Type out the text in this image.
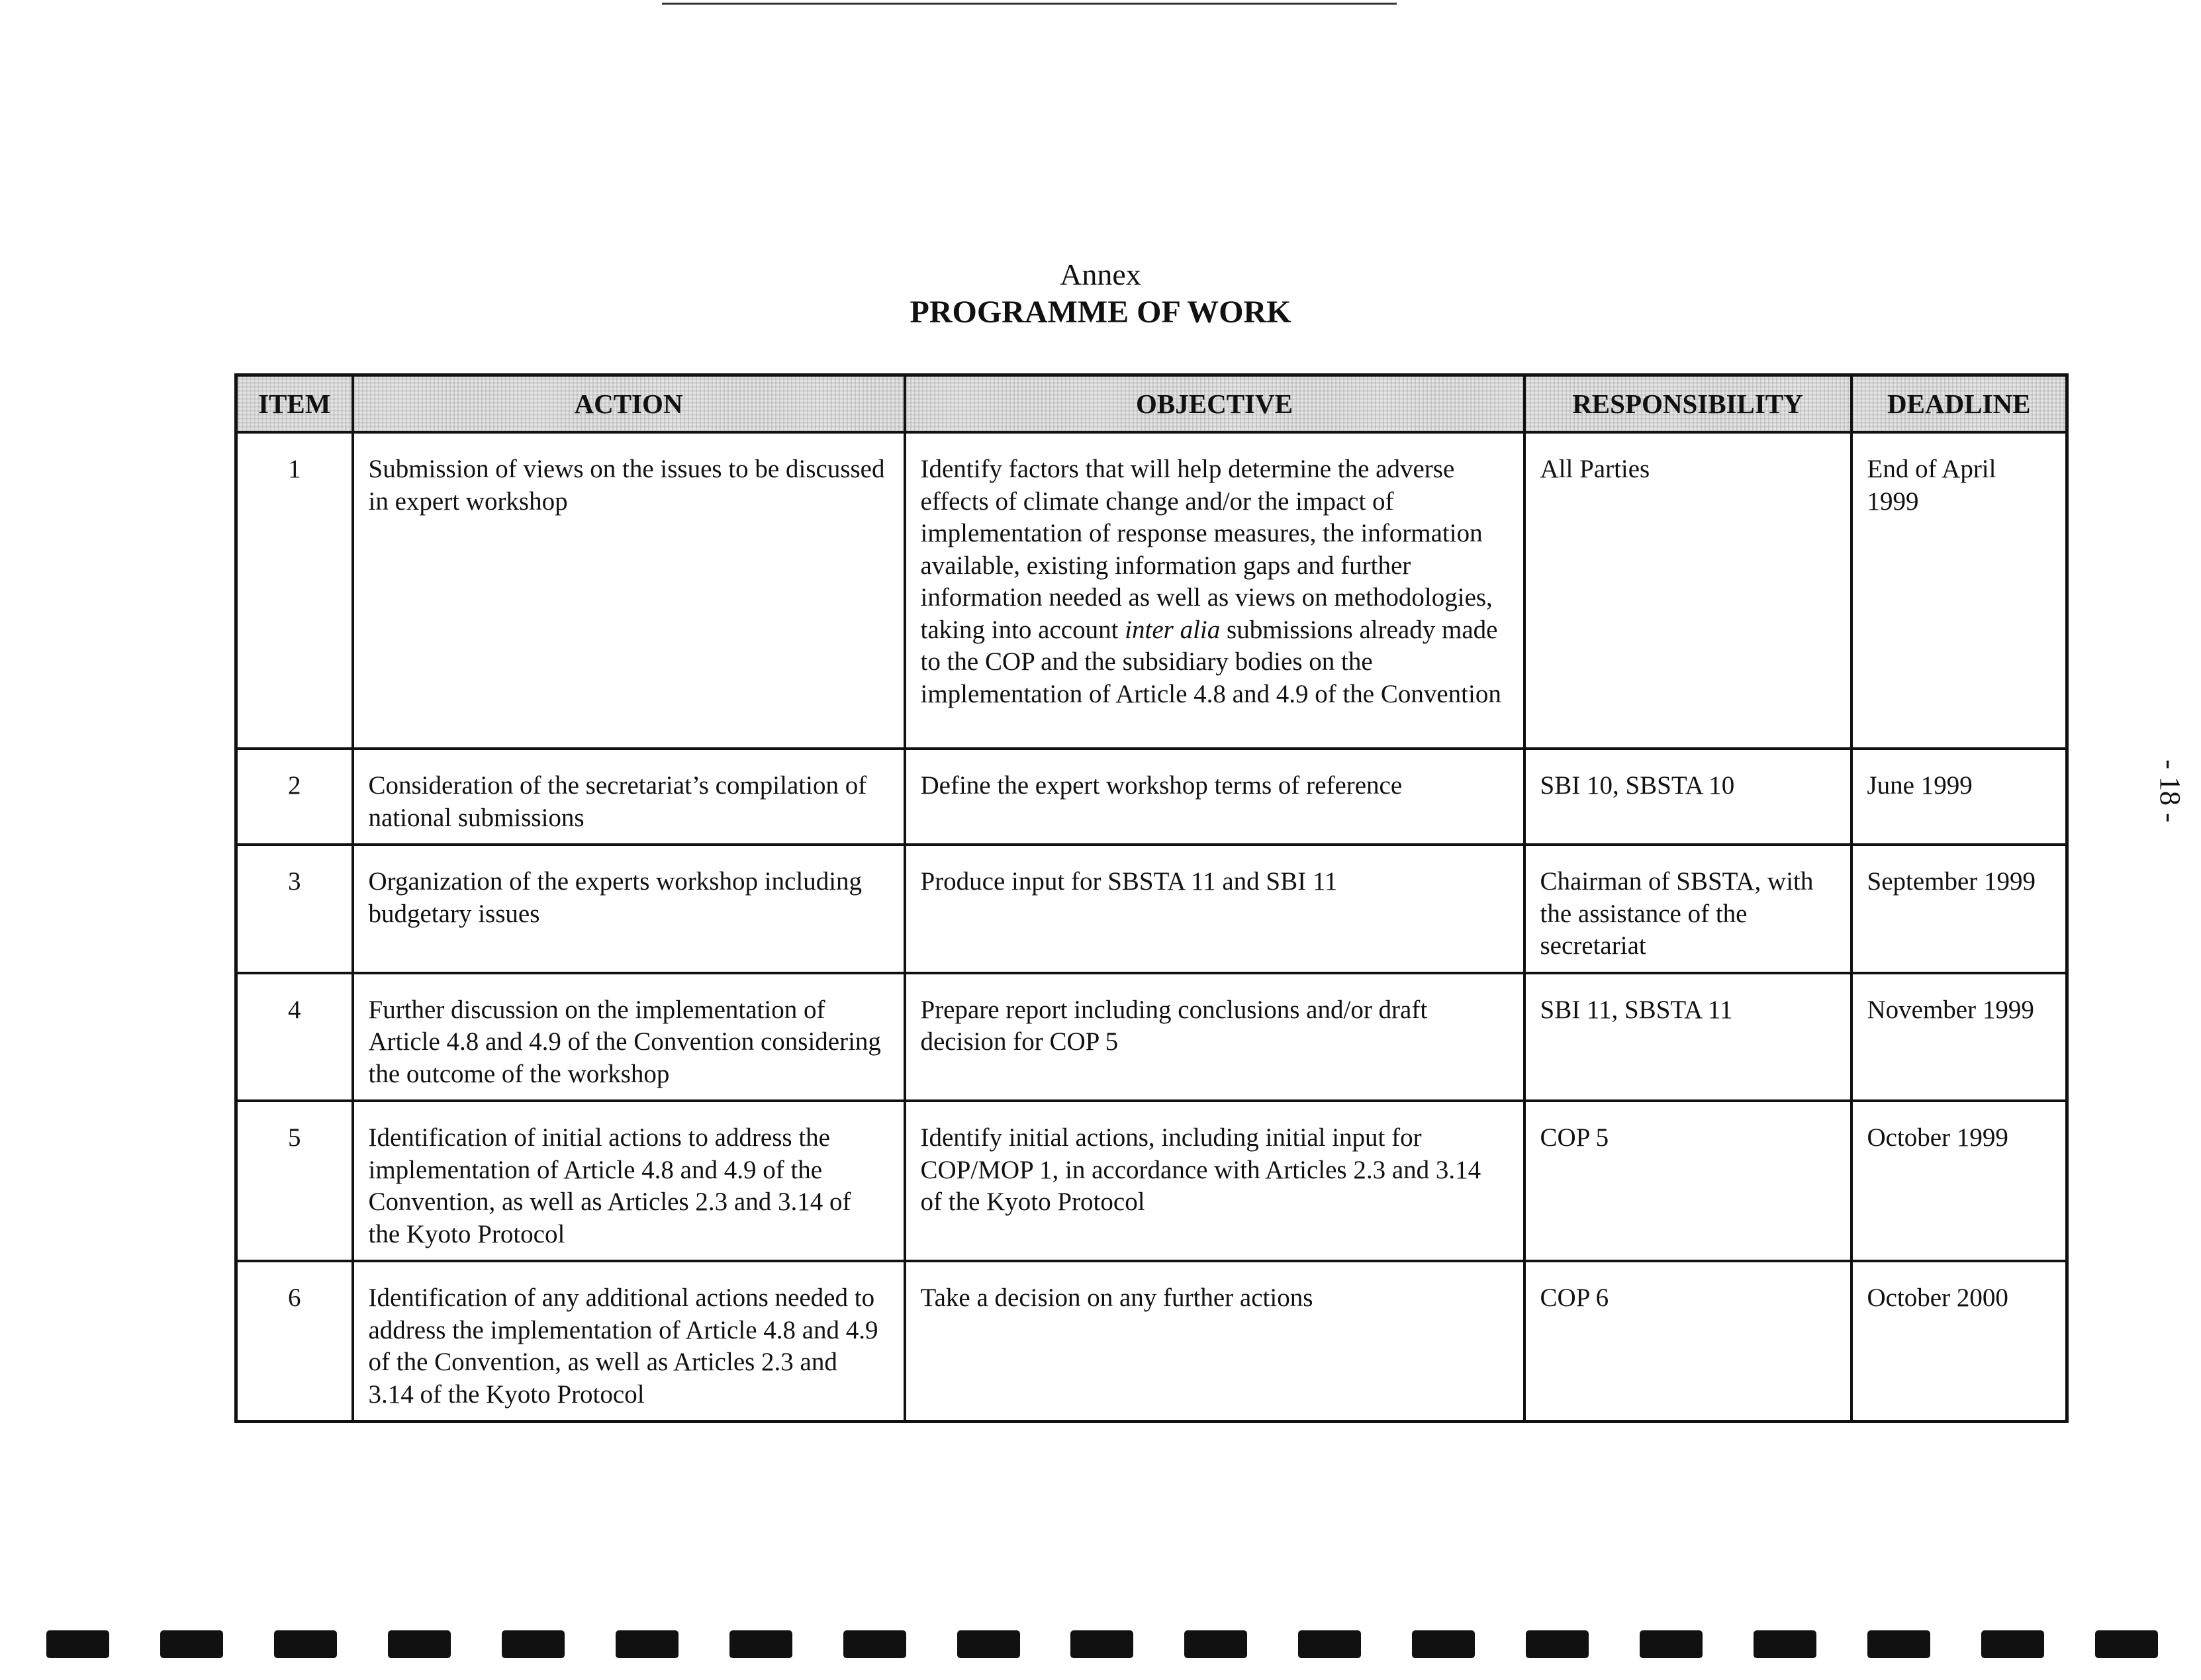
Annex
PROGRAMME OF WORK
ITEM	ACTION	OBJECTIVE	RESPONSIBILITY	DEADLINE
1	Submission of views on the issues to be discussed in expert workshop	Identify factors that will help determine the adverse effects of climate change and/or the impact of implementation of response measures, the information available, existing information gaps and further information needed as well as views on methodologies, taking into account inter alia submissions already made to the COP and the subsidiary bodies on the implementation of Article 4.8 and 4.9 of the Convention	All Parties	End of April 1999
2	Consideration of the secretariat’s compilation of national submissions	Define the expert workshop terms of reference	SBI 10, SBSTA 10	June 1999
3	Organization of the experts workshop including budgetary issues	Produce input for SBSTA 11 and SBI 11	Chairman of SBSTA, with the assistance of the secretariat	September 1999
4	Further discussion on the implementation of Article 4.8 and 4.9 of the Convention considering the outcome of the workshop	Prepare report including conclusions and/or draft decision for COP 5	SBI 11, SBSTA 11	November 1999
5	Identification of initial actions to address the implementation of Article 4.8 and 4.9 of the Convention, as well as Articles 2.3 and 3.14 of the Kyoto Protocol	Identify initial actions, including initial input for COP/MOP 1, in accordance with Articles 2.3 and 3.14 of the Kyoto Protocol	COP 5	October 1999
6	Identification of any additional actions needed to address the implementation of Article 4.8 and 4.9 of the Convention, as well as Articles 2.3 and 3.14 of the Kyoto Protocol	Take a decision on any further actions	COP 6	October 2000
- 18 -
